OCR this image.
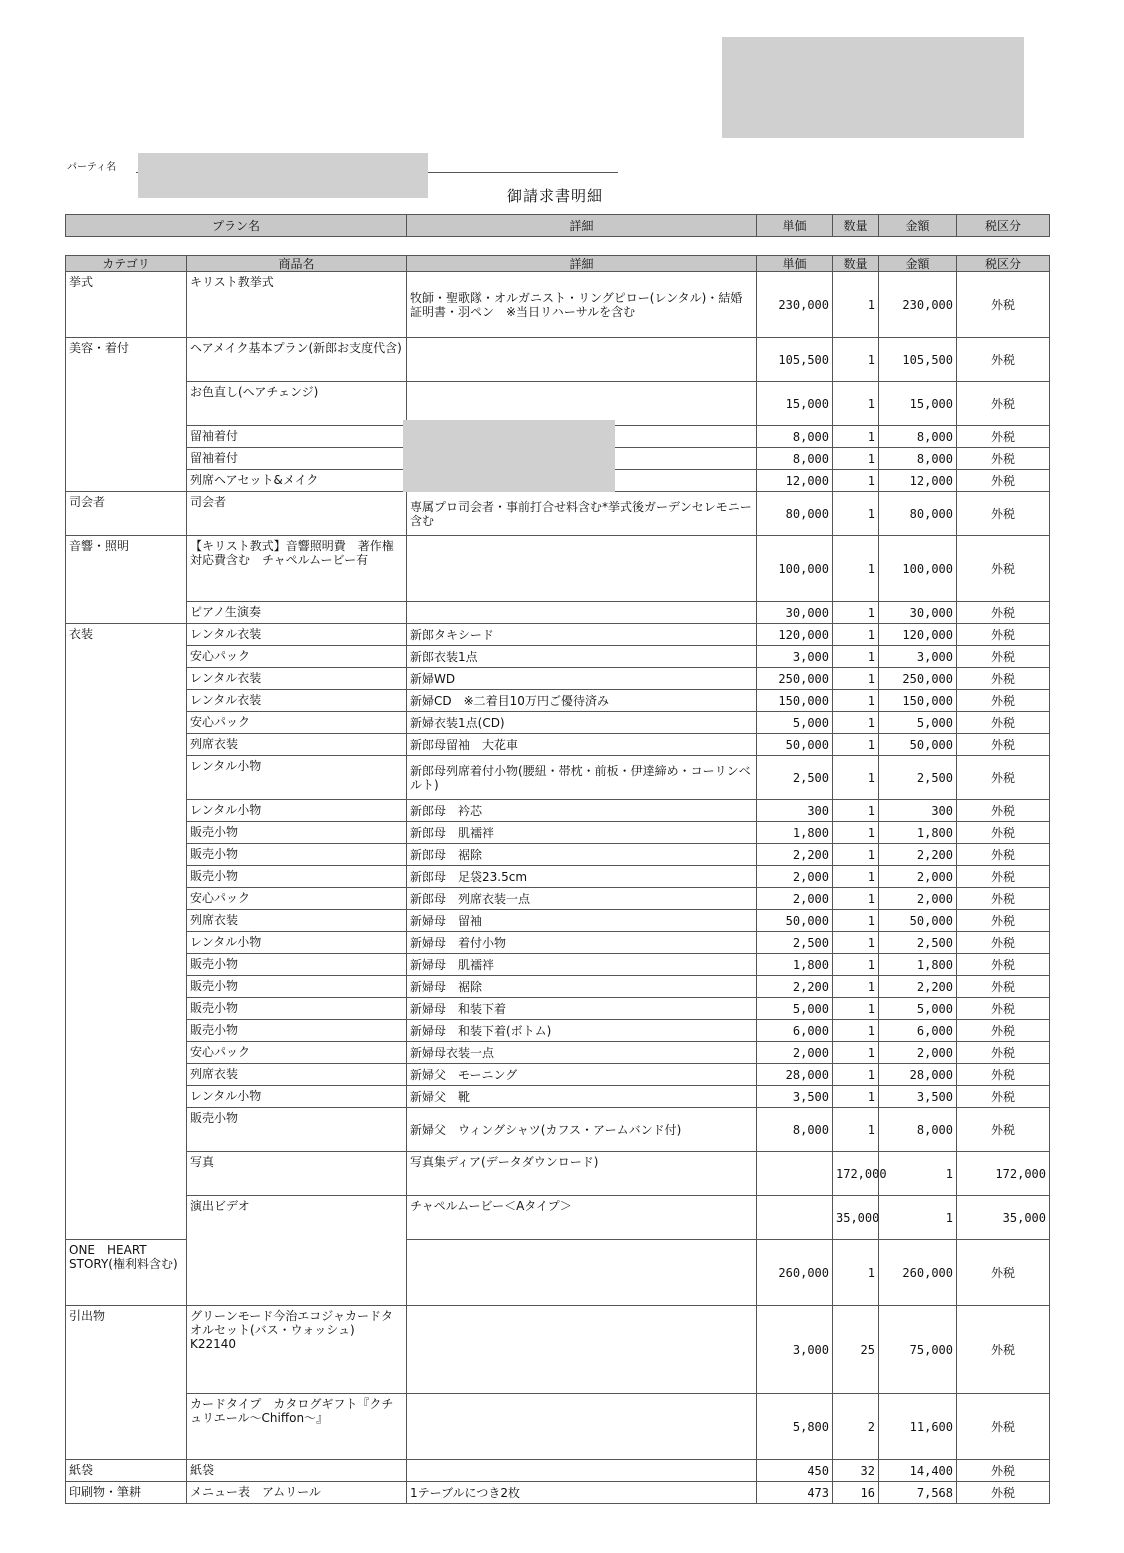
パーティ名
御請求書明細
プラン名	詳細	単価	数量	金額	税区分
カテゴリ	商品名	詳細	単価	数量	金額	税区分	
挙式	キリスト教挙式	牧師・聖歌隊・オルガニスト・リングピロー(レンタル)・結婚証明書・羽ペン　※当日リハーサルを含む	230,000	1	230,000	外税	
美容・着付	ヘアメイク基本プラン(新郎お支度代含)		105,500	1	105,500	外税	
	お色直し(ヘアチェンジ)		15,000	1	15,000	外税	
	留袖着付		8,000	1	8,000	外税	
	留袖着付		8,000	1	8,000	外税	
	列席ヘアセット&メイク		12,000	1	12,000	外税	
司会者	司会者	専属プロ司会者・事前打合せ料含む*挙式後ガーデンセレモニー含む	80,000	1	80,000	外税	
音響・照明	【キリスト教式】音響照明費　著作権対応費含む　チャペルムービー有		100,000	1	100,000	外税	
	ピアノ生演奏		30,000	1	30,000	外税	
衣装	レンタル衣装	新郎タキシード	120,000	1	120,000	外税	
	安心パック	新郎衣装1点	3,000	1	3,000	外税	
	レンタル衣装	新婦WD	250,000	1	250,000	外税	
	レンタル衣装	新婦CD　※二着目10万円ご優待済み	150,000	1	150,000	外税	
	安心パック	新婦衣装1点(CD)	5,000	1	5,000	外税	
	列席衣装	新郎母留袖　大花車	50,000	1	50,000	外税	
	レンタル小物	新郎母列席着付小物(腰紐・帯枕・前板・伊達締め・コーリンベルト)	2,500	1	2,500	外税	
	レンタル小物	新郎母　衿芯	300	1	300	外税	
	販売小物	新郎母　肌襦袢	1,800	1	1,800	外税	
	販売小物	新郎母　裾除	2,200	1	2,200	外税	
	販売小物	新郎母　足袋23.5cm	2,000	1	2,000	外税	
	安心パック	新郎母　列席衣装一点	2,000	1	2,000	外税	
	列席衣装	新婦母　留袖	50,000	1	50,000	外税	
	レンタル小物	新婦母　着付小物	2,500	1	2,500	外税	
	販売小物	新婦母　肌襦袢	1,800	1	1,800	外税	
	販売小物	新婦母　裾除	2,200	1	2,200	外税	
	販売小物	新婦母　和装下着	5,000	1	5,000	外税	
	販売小物	新婦母　和装下着(ボトム)	6,000	1	6,000	外税	
	安心パック	新婦母衣装一点	2,000	1	2,000	外税	
	列席衣装	新婦父　モーニング	28,000	1	28,000	外税	
	レンタル小物	新婦父　靴	3,500	1	3,500	外税	
	販売小物	新婦父　ウィングシャツ(カフス・アームバンド付)	8,000	1	8,000	外税	
	写真	写真集ディア(データダウンロード)		172,000	1	172,000	
	演出ビデオ	チャペルムービー＜Aタイプ＞		35,000	1	35,000	
ONE　HEART　STORY(権利料含む)			260,000	1	260,000	外税	
引出物	グリーンモード今治エコジャカードタオルセット(バス・ウォッシュ)　K22140		3,000	25	75,000	外税	
	カードタイプ　カタログギフト『クチュリエール〜Chiffon〜』		5,800	2	11,600	外税	
紙袋	紙袋		450	32	14,400	外税	
印刷物・筆耕	メニュー表　アムリール	1テーブルにつき2枚	473	16	7,568	外税	
